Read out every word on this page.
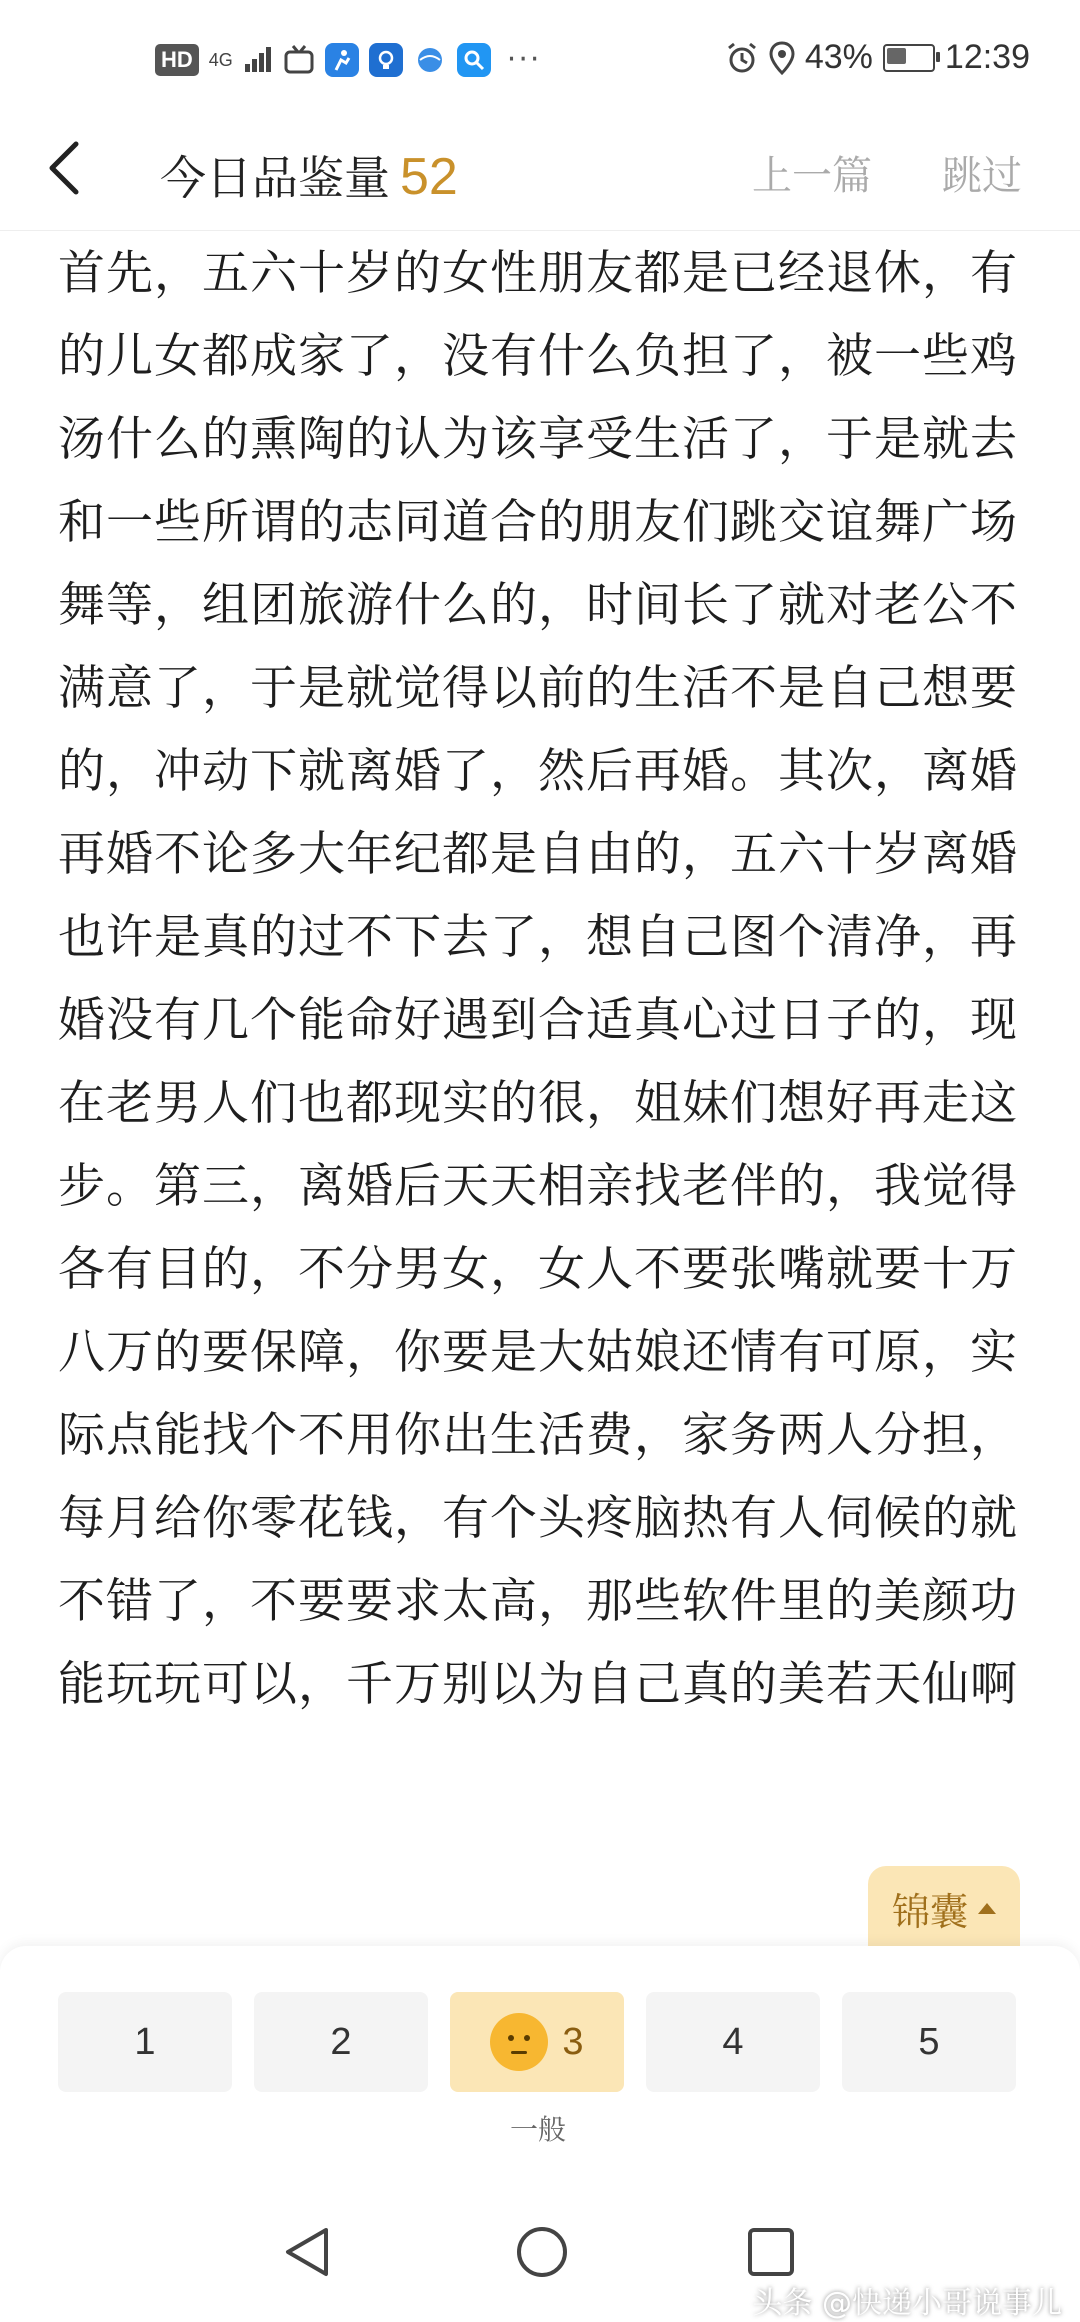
HD 4G	···	43% 12:39
今日品鉴量 52	上一篇 跳过
首先，五六十岁的女性朋友都是已经退休，有的儿女都成家了，没有什么负担了，被一些鸡汤什么的熏陶的认为该享受生活了，于是就去和一些所谓的志同道合的朋友们跳交谊舞广场舞等，组团旅游什么的，时间长了就对老公不满意了，于是就觉得以前的生活不是自己想要的，冲动下就离婚了，然后再婚。其次，离婚再婚不论多大年纪都是自由的，五六十岁离婚也许是真的过不下去了，想自己图个清净，再婚没有几个能命好遇到合适真心过日子的，现在老男人们也都现实的很，姐妹们想好再走这步。第三，离婚后天天相亲找老伴的，我觉得各有目的，不分男女，女人不要张嘴就要十万八万的要保障，你要是大姑娘还情有可原，实际点能找个不用你出生活费，家务两人分担，每月给你零花钱，有个头疼脑热有人伺候的就不错了，不要要求太高，那些软件里的美颜功能玩玩可以，千万别以为自己真的美若天仙啊
锦囊
1	2	3	4	5
一般
头条 @快递小哥说事儿
